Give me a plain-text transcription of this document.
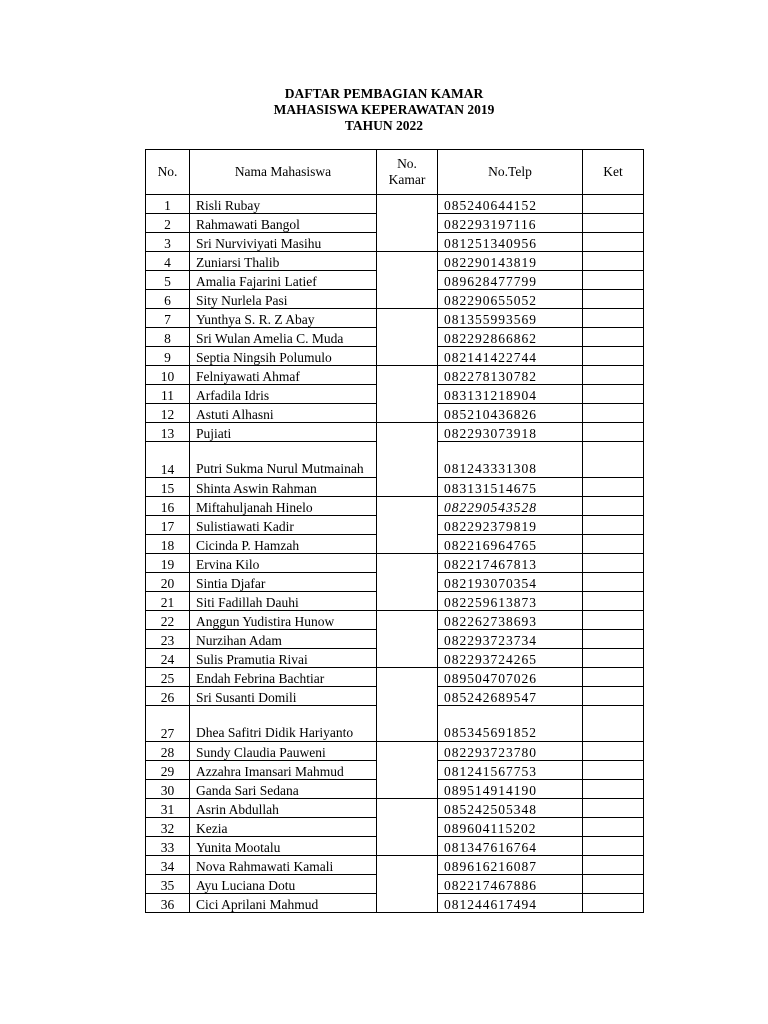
DAFTAR PEMBAGIAN KAMAR
MAHASISWA KEPERAWATAN 2019
TAHUN 2022
No.	Nama Mahasiswa	No. Kamar	No.Telp	Ket
1	Risli Rubay		085240644152	
2	Rahmawati Bangol		082293197116	
3	Sri Nurviviyati Masihu		081251340956	
4	Zuniarsi Thalib		082290143819	
5	Amalia Fajarini Latief		089628477799	
6	Sity Nurlela Pasi		082290655052	
7	Yunthya S. R. Z Abay		081355993569	
8	Sri Wulan Amelia C. Muda		082292866862	
9	Septia Ningsih Polumulo		082141422744	
10	Felniyawati Ahmaf		082278130782	
11	Arfadila Idris		083131218904	
12	Astuti Alhasni		085210436826	
13	Pujiati		082293073918	
14	Putri Sukma Nurul Mutmainah		081243331308	
15	Shinta Aswin Rahman		083131514675	
16	Miftahuljanah Hinelo		082290543528	
17	Sulistiawati Kadir		082292379819	
18	Cicinda P. Hamzah		082216964765	
19	Ervina Kilo		082217467813	
20	Sintia Djafar		082193070354	
21	Siti Fadillah Dauhi		082259613873	
22	Anggun Yudistira Hunow		082262738693	
23	Nurzihan Adam		082293723734	
24	Sulis Pramutia Rivai		082293724265	
25	Endah Febrina Bachtiar		089504707026	
26	Sri Susanti Domili		085242689547	
27	Dhea Safitri Didik Hariyanto		085345691852	
28	Sundy Claudia Pauweni		082293723780	
29	Azzahra Imansari Mahmud		081241567753	
30	Ganda Sari Sedana		089514914190	
31	Asrin Abdullah		085242505348	
32	Kezia		089604115202	
33	Yunita Mootalu		081347616764	
34	Nova Rahmawati Kamali		089616216087	
35	Ayu Luciana Dotu		082217467886	
36	Cici Aprilani Mahmud		081244617494	
